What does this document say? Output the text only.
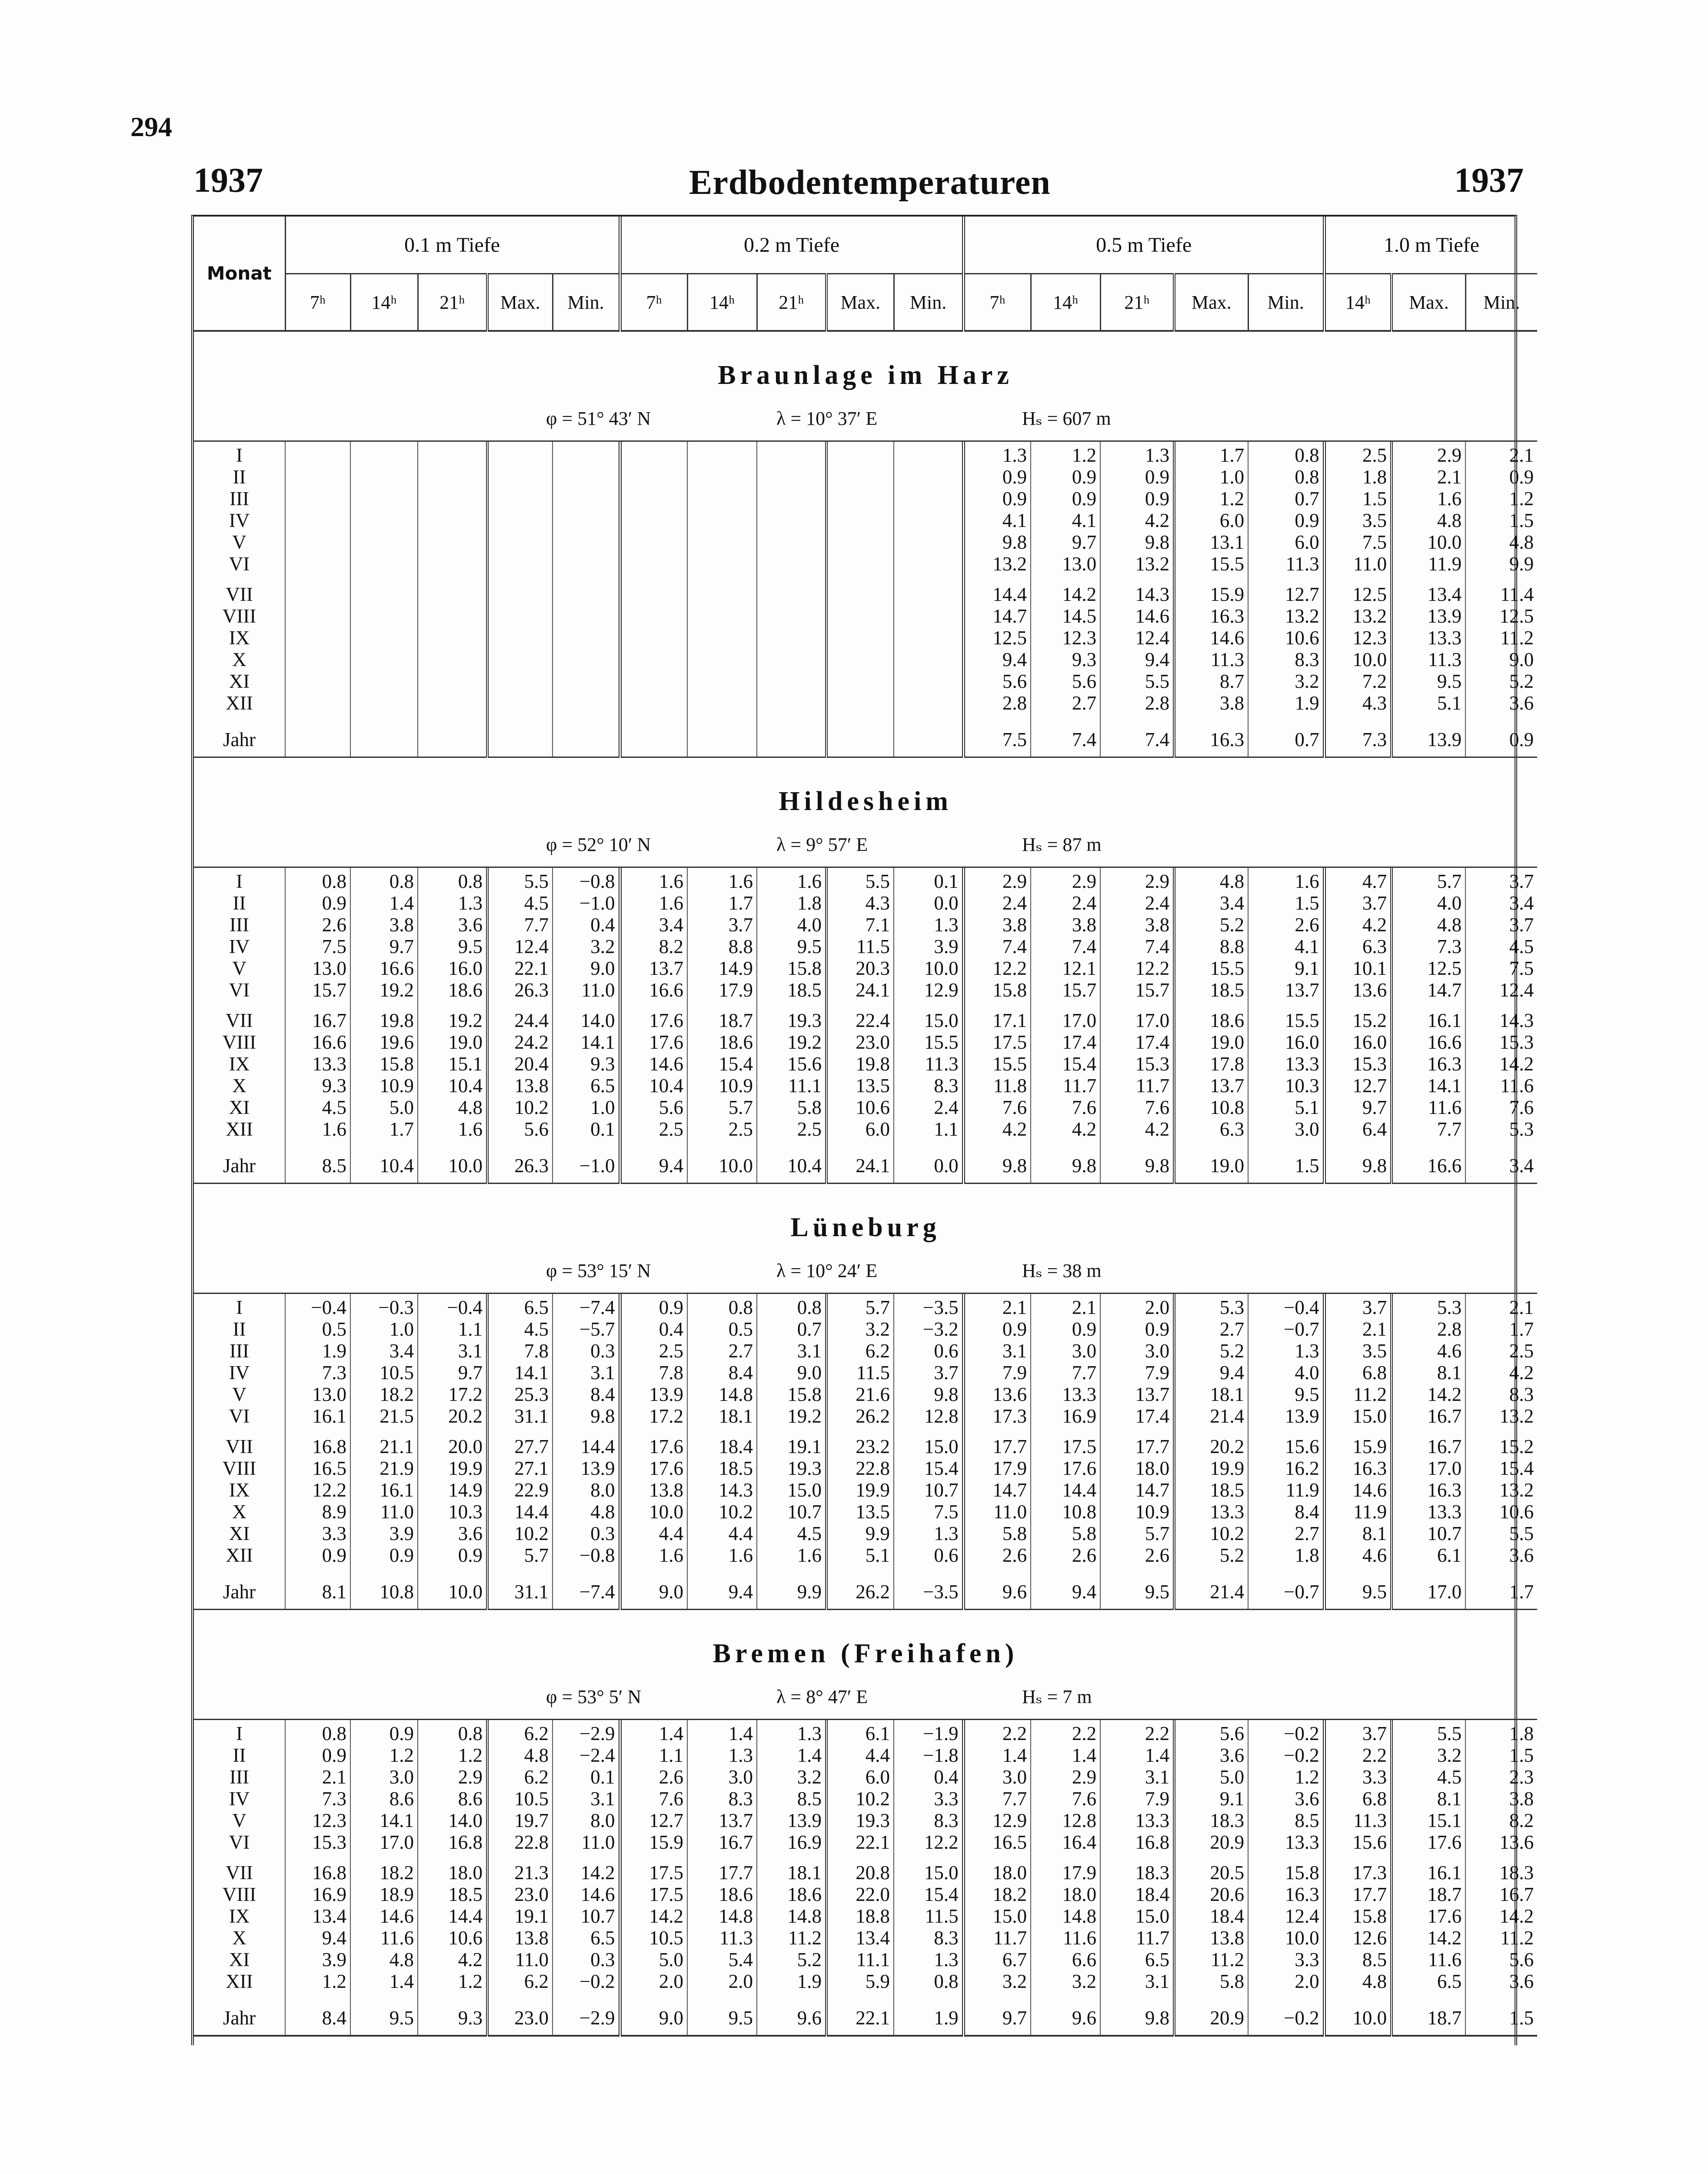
294
1937	Erdbodentemperaturen	1937
Monat	0.1 m Tiefe					0.2 m Tiefe					0.5 m Tiefe					1.0 m Tiefe		
	7ʰ	14ʰ	21ʰ	Max.	Min.	7ʰ	14ʰ	21ʰ	Max.	Min.	7ʰ	14ʰ	21ʰ	Max.	Min.	14ʰ	Max.	Min.

Braunlage im Harz																		

φ = 51° 43′ N λ = 10° 37′ E Hₛ = 607 m																		

I											1.3	1.2	1.3	1.7	0.8	2.5	2.9	2.1
II											0.9	0.9	0.9	1.0	0.8	1.8	2.1	0.9
III											0.9	0.9	0.9	1.2	0.7	1.5	1.6	1.2
IV											4.1	4.1	4.2	6.0	0.9	3.5	4.8	1.5
V											9.8	9.7	9.8	13.1	6.0	7.5	10.0	4.8
VI											13.2	13.0	13.2	15.5	11.3	11.0	11.9	9.9

VII											14.4	14.2	14.3	15.9	12.7	12.5	13.4	11.4
VIII											14.7	14.5	14.6	16.3	13.2	13.2	13.9	12.5
IX											12.5	12.3	12.4	14.6	10.6	12.3	13.3	11.2
X											9.4	9.3	9.4	11.3	8.3	10.0	11.3	9.0
XI											5.6	5.6	5.5	8.7	3.2	7.2	9.5	5.2
XII											2.8	2.7	2.8	3.8	1.9	4.3	5.1	3.6

Jahr											7.5	7.4	7.4	16.3	0.7	7.3	13.9	0.9

Hildesheim																		

φ = 52° 10′ N λ = 9° 57′ E Hₛ = 87 m																		

I	0.8	0.8	0.8	5.5	−0.8	1.6	1.6	1.6	5.5	0.1	2.9	2.9	2.9	4.8	1.6	4.7	5.7	3.7
II	0.9	1.4	1.3	4.5	−1.0	1.6	1.7	1.8	4.3	0.0	2.4	2.4	2.4	3.4	1.5	3.7	4.0	3.4
III	2.6	3.8	3.6	7.7	0.4	3.4	3.7	4.0	7.1	1.3	3.8	3.8	3.8	5.2	2.6	4.2	4.8	3.7
IV	7.5	9.7	9.5	12.4	3.2	8.2	8.8	9.5	11.5	3.9	7.4	7.4	7.4	8.8	4.1	6.3	7.3	4.5
V	13.0	16.6	16.0	22.1	9.0	13.7	14.9	15.8	20.3	10.0	12.2	12.1	12.2	15.5	9.1	10.1	12.5	7.5
VI	15.7	19.2	18.6	26.3	11.0	16.6	17.9	18.5	24.1	12.9	15.8	15.7	15.7	18.5	13.7	13.6	14.7	12.4

VII	16.7	19.8	19.2	24.4	14.0	17.6	18.7	19.3	22.4	15.0	17.1	17.0	17.0	18.6	15.5	15.2	16.1	14.3
VIII	16.6	19.6	19.0	24.2	14.1	17.6	18.6	19.2	23.0	15.5	17.5	17.4	17.4	19.0	16.0	16.0	16.6	15.3
IX	13.3	15.8	15.1	20.4	9.3	14.6	15.4	15.6	19.8	11.3	15.5	15.4	15.3	17.8	13.3	15.3	16.3	14.2
X	9.3	10.9	10.4	13.8	6.5	10.4	10.9	11.1	13.5	8.3	11.8	11.7	11.7	13.7	10.3	12.7	14.1	11.6
XI	4.5	5.0	4.8	10.2	1.0	5.6	5.7	5.8	10.6	2.4	7.6	7.6	7.6	10.8	5.1	9.7	11.6	7.6
XII	1.6	1.7	1.6	5.6	0.1	2.5	2.5	2.5	6.0	1.1	4.2	4.2	4.2	6.3	3.0	6.4	7.7	5.3

Jahr	8.5	10.4	10.0	26.3	−1.0	9.4	10.0	10.4	24.1	0.0	9.8	9.8	9.8	19.0	1.5	9.8	16.6	3.4

Lüneburg																		

φ = 53° 15′ N λ = 10° 24′ E Hₛ = 38 m																		

I	−0.4	−0.3	−0.4	6.5	−7.4	0.9	0.8	0.8	5.7	−3.5	2.1	2.1	2.0	5.3	−0.4	3.7	5.3	2.1
II	0.5	1.0	1.1	4.5	−5.7	0.4	0.5	0.7	3.2	−3.2	0.9	0.9	0.9	2.7	−0.7	2.1	2.8	1.7
III	1.9	3.4	3.1	7.8	0.3	2.5	2.7	3.1	6.2	0.6	3.1	3.0	3.0	5.2	1.3	3.5	4.6	2.5
IV	7.3	10.5	9.7	14.1	3.1	7.8	8.4	9.0	11.5	3.7	7.9	7.7	7.9	9.4	4.0	6.8	8.1	4.2
V	13.0	18.2	17.2	25.3	8.4	13.9	14.8	15.8	21.6	9.8	13.6	13.3	13.7	18.1	9.5	11.2	14.2	8.3
VI	16.1	21.5	20.2	31.1	9.8	17.2	18.1	19.2	26.2	12.8	17.3	16.9	17.4	21.4	13.9	15.0	16.7	13.2

VII	16.8	21.1	20.0	27.7	14.4	17.6	18.4	19.1	23.2	15.0	17.7	17.5	17.7	20.2	15.6	15.9	16.7	15.2
VIII	16.5	21.9	19.9	27.1	13.9	17.6	18.5	19.3	22.8	15.4	17.9	17.6	18.0	19.9	16.2	16.3	17.0	15.4
IX	12.2	16.1	14.9	22.9	8.0	13.8	14.3	15.0	19.9	10.7	14.7	14.4	14.7	18.5	11.9	14.6	16.3	13.2
X	8.9	11.0	10.3	14.4	4.8	10.0	10.2	10.7	13.5	7.5	11.0	10.8	10.9	13.3	8.4	11.9	13.3	10.6
XI	3.3	3.9	3.6	10.2	0.3	4.4	4.4	4.5	9.9	1.3	5.8	5.8	5.7	10.2	2.7	8.1	10.7	5.5
XII	0.9	0.9	0.9	5.7	−0.8	1.6	1.6	1.6	5.1	0.6	2.6	2.6	2.6	5.2	1.8	4.6	6.1	3.6

Jahr	8.1	10.8	10.0	31.1	−7.4	9.0	9.4	9.9	26.2	−3.5	9.6	9.4	9.5	21.4	−0.7	9.5	17.0	1.7

Bremen (Freihafen)																		

φ = 53° 5′ N λ = 8° 47′ E Hₛ = 7 m																		

I	0.8	0.9	0.8	6.2	−2.9	1.4	1.4	1.3	6.1	−1.9	2.2	2.2	2.2	5.6	−0.2	3.7	5.5	1.8
II	0.9	1.2	1.2	4.8	−2.4	1.1	1.3	1.4	4.4	−1.8	1.4	1.4	1.4	3.6	−0.2	2.2	3.2	1.5
III	2.1	3.0	2.9	6.2	0.1	2.6	3.0	3.2	6.0	0.4	3.0	2.9	3.1	5.0	1.2	3.3	4.5	2.3
IV	7.3	8.6	8.6	10.5	3.1	7.6	8.3	8.5	10.2	3.3	7.7	7.6	7.9	9.1	3.6	6.8	8.1	3.8
V	12.3	14.1	14.0	19.7	8.0	12.7	13.7	13.9	19.3	8.3	12.9	12.8	13.3	18.3	8.5	11.3	15.1	8.2
VI	15.3	17.0	16.8	22.8	11.0	15.9	16.7	16.9	22.1	12.2	16.5	16.4	16.8	20.9	13.3	15.6	17.6	13.6

VII	16.8	18.2	18.0	21.3	14.2	17.5	17.7	18.1	20.8	15.0	18.0	17.9	18.3	20.5	15.8	17.3	16.1	18.3
VIII	16.9	18.9	18.5	23.0	14.6	17.5	18.6	18.6	22.0	15.4	18.2	18.0	18.4	20.6	16.3	17.7	18.7	16.7
IX	13.4	14.6	14.4	19.1	10.7	14.2	14.8	14.8	18.8	11.5	15.0	14.8	15.0	18.4	12.4	15.8	17.6	14.2
X	9.4	11.6	10.6	13.8	6.5	10.5	11.3	11.2	13.4	8.3	11.7	11.6	11.7	13.8	10.0	12.6	14.2	11.2
XI	3.9	4.8	4.2	11.0	0.3	5.0	5.4	5.2	11.1	1.3	6.7	6.6	6.5	11.2	3.3	8.5	11.6	5.6
XII	1.2	1.4	1.2	6.2	−0.2	2.0	2.0	1.9	5.9	0.8	3.2	3.2	3.1	5.8	2.0	4.8	6.5	3.6

Jahr	8.4	9.5	9.3	23.0	−2.9	9.0	9.5	9.6	22.1	1.9	9.7	9.6	9.8	20.9	−0.2	10.0	18.7	1.5
